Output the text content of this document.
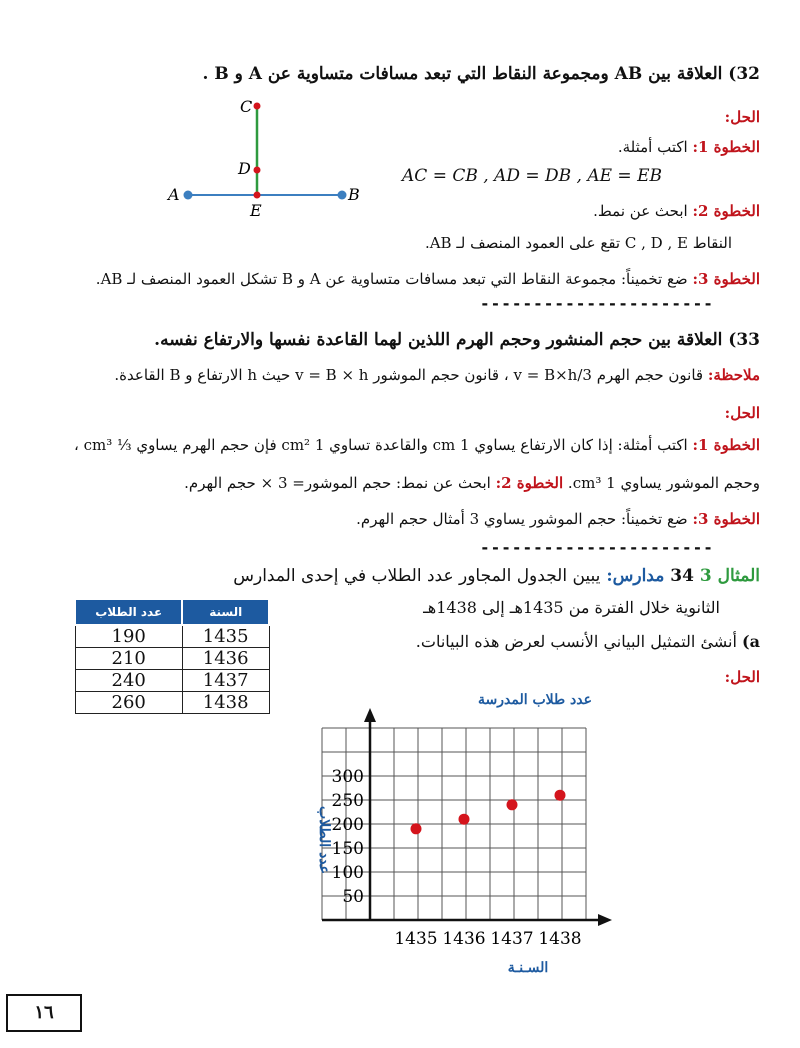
32) العلاقة بين AB ومجموعة النقاط التي تبعد مسافات متساوية عن A و B .
الحل:
الخطوة 1: اكتب أمثلة.
AC = CB , AD = DB , AE = EB
الخطوة 2: ابحث عن نمط.
النقاط C , D , E تقع على العمود المنصف لـ AB.
الخطوة 3: ضع تخميناً: مجموعة النقاط التي تبعد مسافات متساوية عن A و B تشكل العمود المنصف لـ AB.
A	B
C
D
E
----------------------
33) العلاقة بين حجم المنشور وحجم الهرم اللذين لهما القاعدة نفسها والارتفاع نفسه.
ملاحظة: قانون حجم الهرم v = B×h/3 ، قانون حجم الموشور v = B × h حيث h الارتفاع و B القاعدة.
الحل:
الخطوة 1: اكتب أمثلة: إذا كان الارتفاع يساوي 1 cm والقاعدة تساوي 1 cm² فإن حجم الهرم يساوي ⅓ cm³ ،
وحجم الموشور يساوي 1 cm³. الخطوة 2: ابحث عن نمط: حجم الموشور= 3 × حجم الهرم.
الخطوة 3: ضع تخميناً: حجم الموشور يساوي 3 أمثال حجم الهرم.
----------------------
المثال 3 34 مدارس: يبين الجدول المجاور عدد الطلاب في إحدى المدارس
الثانوية خلال الفترة من 1435هـ إلى 1438هـ
a) أنشئ التمثيل البياني الأنسب لعرض هذه البيانات.
الحل:
عدد الطلاب	السنة
190	1435
210	1436
240	1437
260	1438	عدد طلاب المدرسة
300
250
200
150
100
50
1435 1436 1437 1438
السـنـة
عدد الطلاب
١٦
